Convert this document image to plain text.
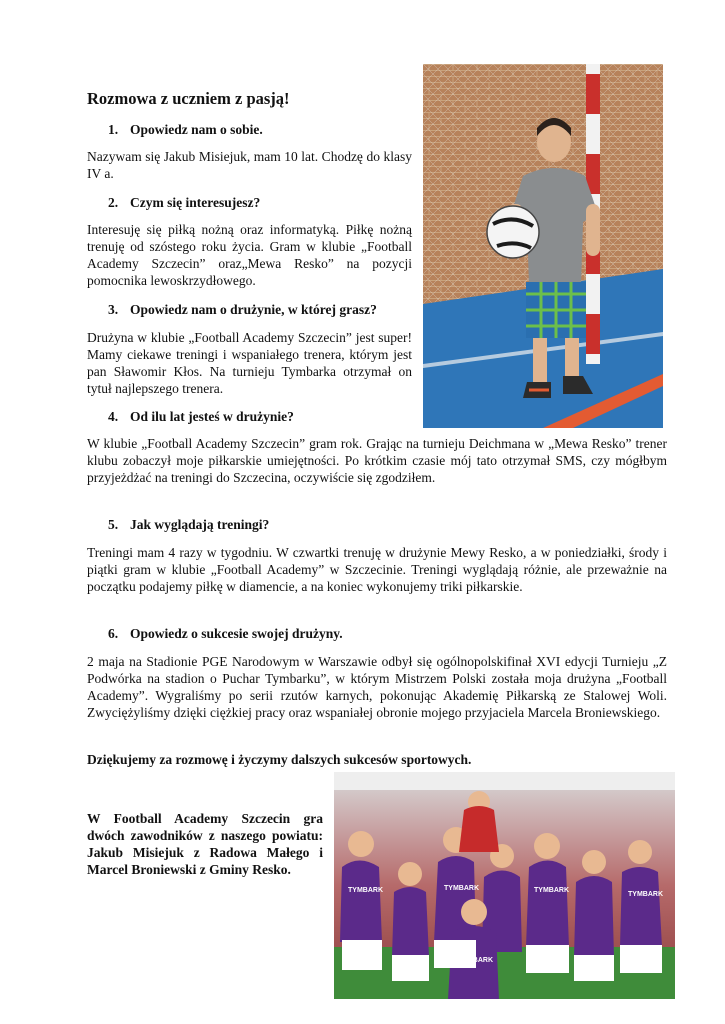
Rozmowa z uczniem z pasją!
1. Opowiedz nam o sobie.

Nazywam się Jakub Misiejuk, mam 10 lat. Chodzę do klasy IV a.

2. Czym się interesujesz?

Interesuję się piłką nożną oraz informatyką. Piłkę nożną trenuję od szóstego roku życia. Gram w klubie „Football Academy Szczecin” oraz„Mewa Resko” na pozycji pomocnika lewoskrzydłowego.

3. Opowiedz nam o drużynie, w której grasz?

Drużyna w klubie „Football Academy Szczecin” jest super! Mamy ciekawe treningi i wspaniałego trenera, którym jest pan Sławomir Kłos. Na turnieju Tymbarka otrzymał on tytuł najlepszego trenera.

4. Od ilu lat jesteś w drużynie?

W klubie „Football Academy Szczecin” gram rok. Grając na turnieju Deichmana w „Mewa Resko” trener klubu zobaczył moje piłkarskie umiejętności. Po krótkim czasie mój tato otrzymał SMS, czy mógłbym przyjeżdżać na treningi do Szczecina, oczywiście się zgodziłem.

5. Jak wyglądają treningi?

Treningi mam 4 razy w tygodniu. W czwartki trenuję w drużynie Mewy Resko, a w poniedziałki, środy i piątki gram w klubie „Football Academy” w Szczecinie. Treningi wyglądają różnie, ale przeważnie na początku podajemy piłkę w diamencie, a na koniec wykonujemy triki piłkarskie.

6. Opowiedz o sukcesie swojej drużyny.

2 maja na Stadionie PGE Narodowym w Warszawie odbył się ogólnopolskifinał XVI edycji Turnieju „Z Podwórka na stadion o Puchar Tymbarku”, w którym Mistrzem Polski została moja drużyna „Football Academy”. Wygraliśmy po serii rzutów karnych, pokonując Akademię Piłkarską ze Stalowej Woli. Zwyciężyliśmy dzięki ciężkiej pracy oraz wspaniałej obronie mojego przyjaciela Marcela Broniewskiego.

Dziękujemy za rozmowę i życzymy dalszych sukcesów sportowych.

W Football Academy Szczecin gra dwóch zawodników z naszego powiatu: Jakub Misiejuk z Radowa Małego i Marcel Broniewski z Gminy Resko.

TYMBARK	TYMBARK	TYMBARK
TYMBARK
TYMBARK
